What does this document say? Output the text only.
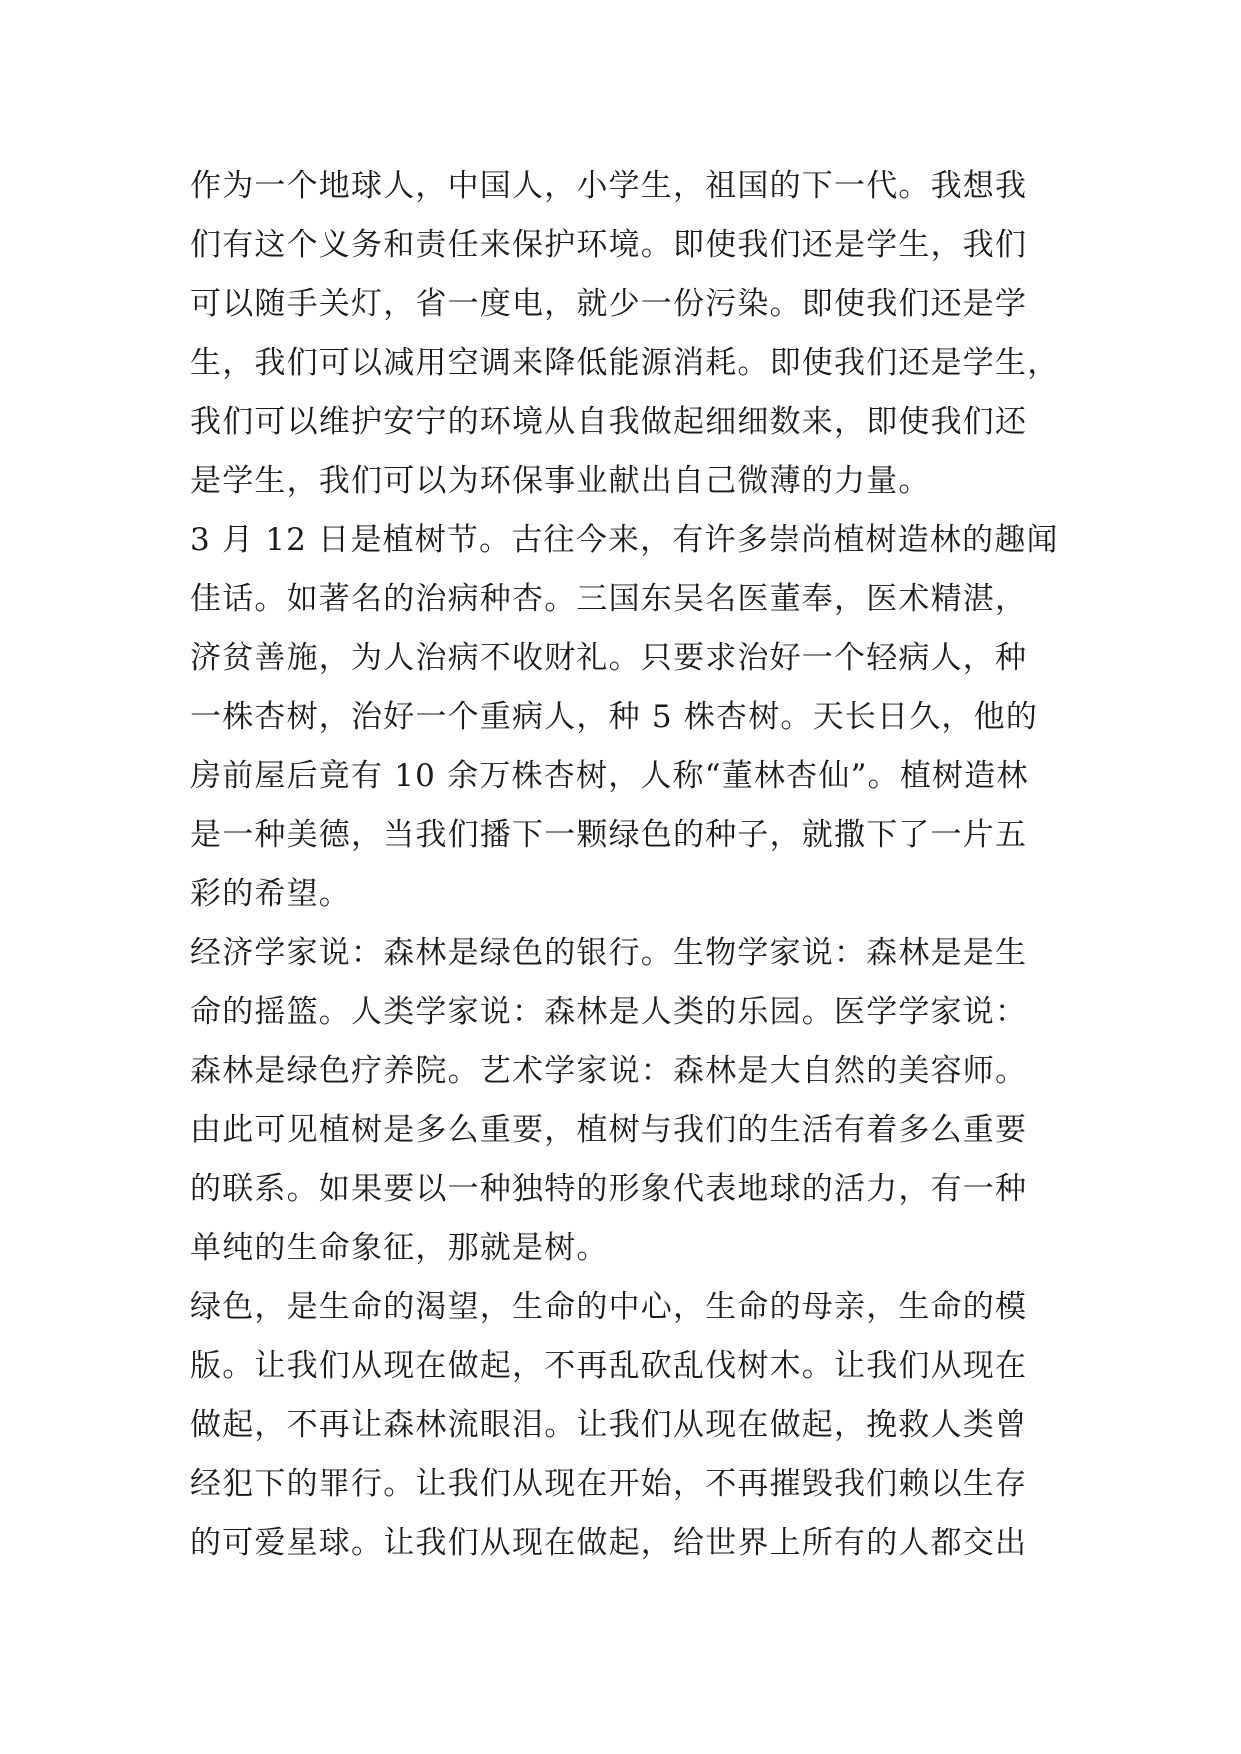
作为一个地球人，中国人，小学生，祖国的下一代。我想我
们有这个义务和责任来保护环境。即使我们还是学生，我们
可以随手关灯，省一度电，就少一份污染。即使我们还是学
生，我们可以减用空调来降低能源消耗。即使我们还是学生，
我们可以维护安宁的环境从自我做起细细数来，即使我们还
是学生，我们可以为环保事业献出自己微薄的力量。
3 月 12 日是植树节。古往今来，有许多崇尚植树造林的趣闻
佳话。如著名的治病种杏。三国东吴名医董奉，医术精湛，
济贫善施，为人治病不收财礼。只要求治好一个轻病人，种
一株杏树，治好一个重病人，种 5 株杏树。天长日久，他的
房前屋后竟有 10 余万株杏树，人称“董林杏仙”。植树造林
是一种美德，当我们播下一颗绿色的种子，就撒下了一片五
彩的希望。
经济学家说：森林是绿色的银行。生物学家说：森林是是生
命的摇篮。人类学家说：森林是人类的乐园。医学学家说：
森林是绿色疗养院。艺术学家说：森林是大自然的美容师。
由此可见植树是多么重要，植树与我们的生活有着多么重要
的联系。如果要以一种独特的形象代表地球的活力，有一种
单纯的生命象征，那就是树。
绿色，是生命的渴望，生命的中心，生命的母亲，生命的模
版。让我们从现在做起，不再乱砍乱伐树木。让我们从现在
做起，不再让森林流眼泪。让我们从现在做起，挽救人类曾
经犯下的罪行。让我们从现在开始，不再摧毁我们赖以生存
的可爱星球。让我们从现在做起，给世界上所有的人都交出
